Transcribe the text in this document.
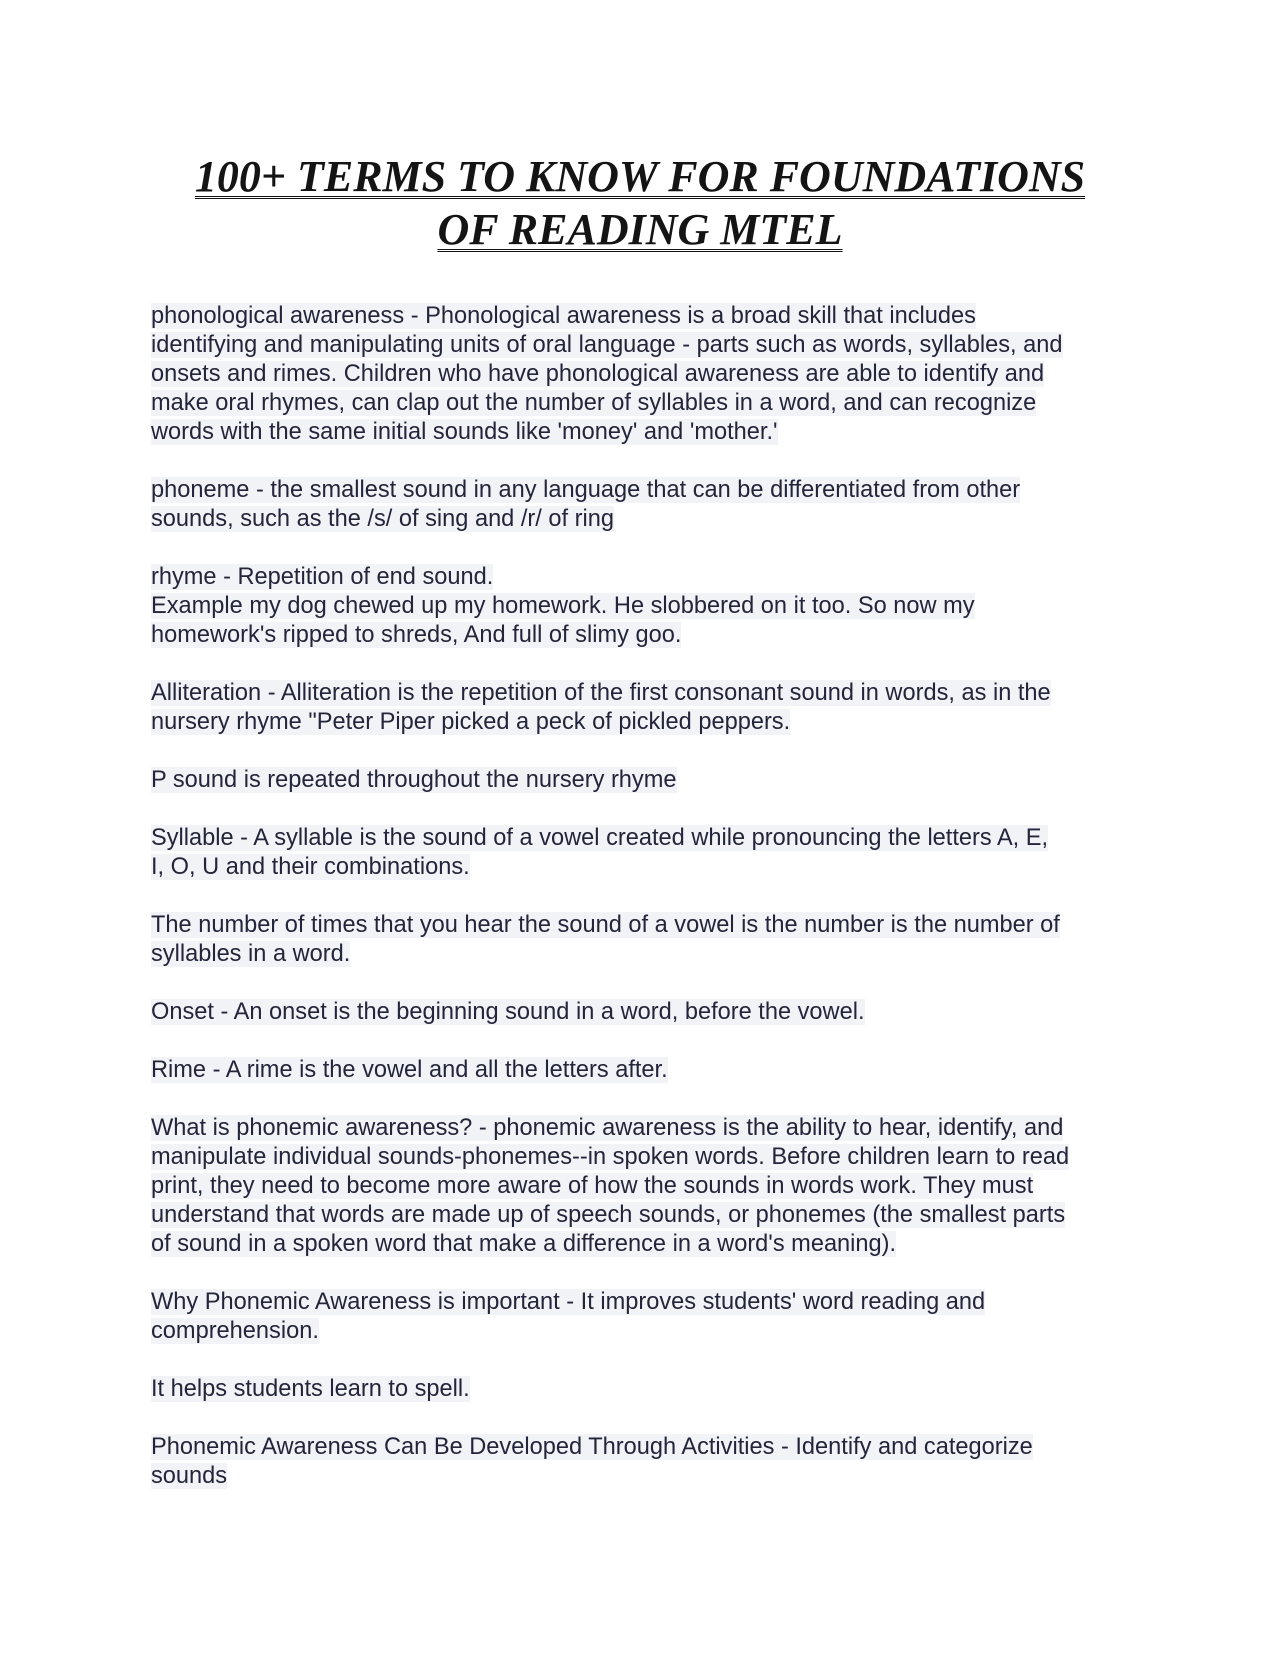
100+ TERMS TO KNOW FOR FOUNDATIONS
OF READING MTEL
phonological awareness - Phonological awareness is a broad skill that includes
identifying and manipulating units of oral language - parts such as words, syllables, and
onsets and rimes. Children who have phonological awareness are able to identify and
make oral rhymes, can clap out the number of syllables in a word, and can recognize
words with the same initial sounds like 'money' and 'mother.'
phoneme - the smallest sound in any language that can be differentiated from other
sounds, such as the /s/ of sing and /r/ of ring
rhyme - Repetition of end sound.
Example my dog chewed up my homework. He slobbered on it too. So now my
homework's ripped to shreds, And full of slimy goo.
Alliteration - Alliteration is the repetition of the first consonant sound in words, as in the
nursery rhyme "Peter Piper picked a peck of pickled peppers.
P sound is repeated throughout the nursery rhyme
Syllable - A syllable is the sound of a vowel created while pronouncing the letters A, E,
I, O, U and their combinations.
The number of times that you hear the sound of a vowel is the number is the number of
syllables in a word.
Onset - An onset is the beginning sound in a word, before the vowel.
Rime - A rime is the vowel and all the letters after.
What is phonemic awareness? - phonemic awareness is the ability to hear, identify, and
manipulate individual sounds-phonemes--in spoken words. Before children learn to read
print, they need to become more aware of how the sounds in words work. They must
understand that words are made up of speech sounds, or phonemes (the smallest parts
of sound in a spoken word that make a difference in a word's meaning).
Why Phonemic Awareness is important - It improves students' word reading and
comprehension.
It helps students learn to spell.
Phonemic Awareness Can Be Developed Through Activities - Identify and categorize
sounds
